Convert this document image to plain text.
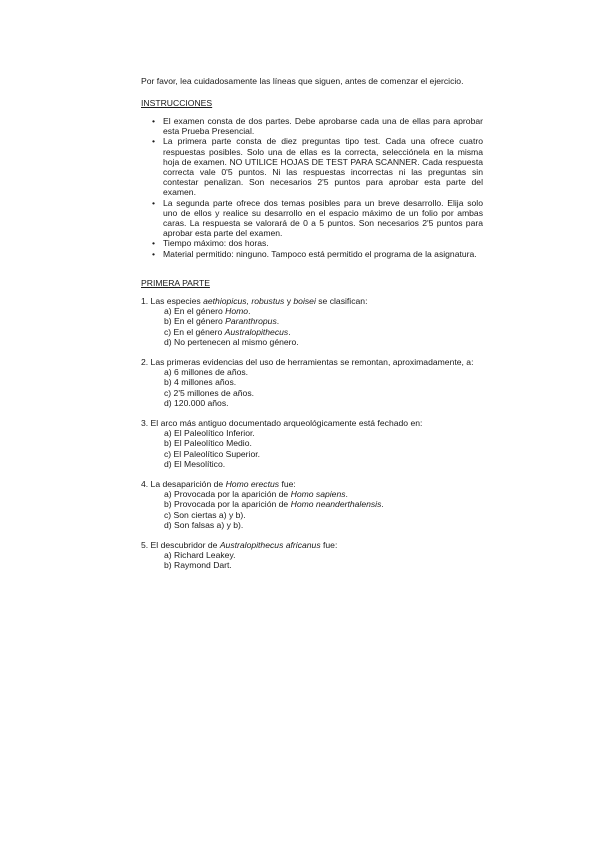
Por favor, lea cuidadosamente las líneas que siguen, antes de comenzar el ejercicio.
INSTRUCCIONES
• El examen consta de dos partes. Debe aprobarse cada una de ellas para aprobar esta Prueba Presencial.
• La primera parte consta de diez preguntas tipo test. Cada una ofrece cuatro respuestas posibles. Solo una de ellas es la correcta, selecciónela en la misma hoja de examen. NO UTILICE HOJAS DE TEST PARA SCANNER. Cada respuesta correcta vale 0'5 puntos. Ni las respuestas incorrectas ni las preguntas sin contestar penalizan. Son necesarios 2'5 puntos para aprobar esta parte del examen.
• La segunda parte ofrece dos temas posibles para un breve desarrollo. Elija solo uno de ellos y realice su desarrollo en el espacio máximo de un folio por ambas caras. La respuesta se valorará de 0 a 5 puntos. Son necesarios 2'5 puntos para aprobar esta parte del examen.
• Tiempo máximo: dos horas.
• Material permitido: ninguno. Tampoco está permitido el programa de la asignatura.
PRIMERA PARTE
1. Las especies aethiopicus, robustus y boisei se clasifican:
a) En el género Homo.
b) En el género Paranthropus.
c) En el género Australopithecus.
d) No pertenecen al mismo género.
2. Las primeras evidencias del uso de herramientas se remontan, aproximadamente, a:
a) 6 millones de años.
b) 4 millones años.
c) 2'5 millones de años.
d) 120.000 años.
3. El arco más antiguo documentado arqueológicamente está fechado en:
a) El Paleolítico Inferior.
b) El Paleolítico Medio.
c) El Paleolítico Superior.
d) El Mesolítico.
4. La desaparición de Homo erectus fue:
a) Provocada por la aparición de Homo sapiens.
b) Provocada por la aparición de Homo neanderthalensis.
c) Son ciertas a) y b).
d) Son falsas a) y b).
5. El descubridor de Australopithecus africanus fue:
a) Richard Leakey.
b) Raymond Dart.
